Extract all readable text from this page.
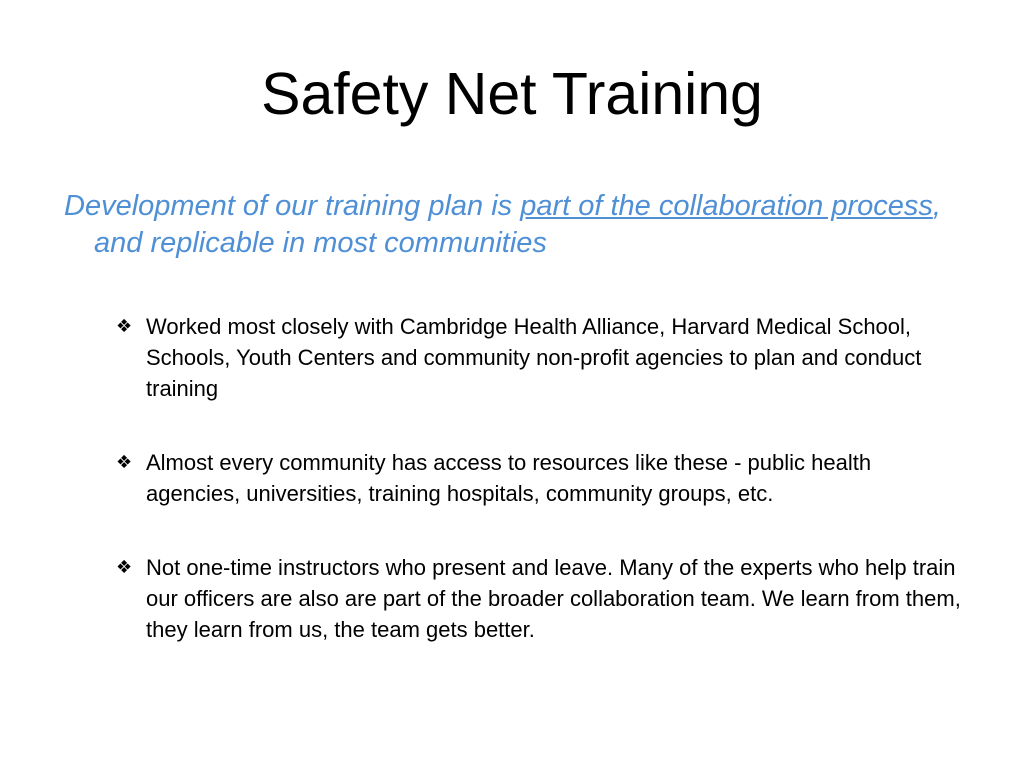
Safety Net Training
Development of our training plan is part of the collaboration process, and replicable in most communities
❖ Worked most closely with Cambridge Health Alliance, Harvard Medical School, Schools, Youth Centers and community non-profit agencies to plan and conduct training
❖ Almost every community has access to resources like these - public health agencies, universities, training hospitals, community groups, etc.
❖ Not one-time instructors who present and leave. Many of the experts who help train our officers are also are part of the broader collaboration team. We learn from them, they learn from us, the team gets better.
